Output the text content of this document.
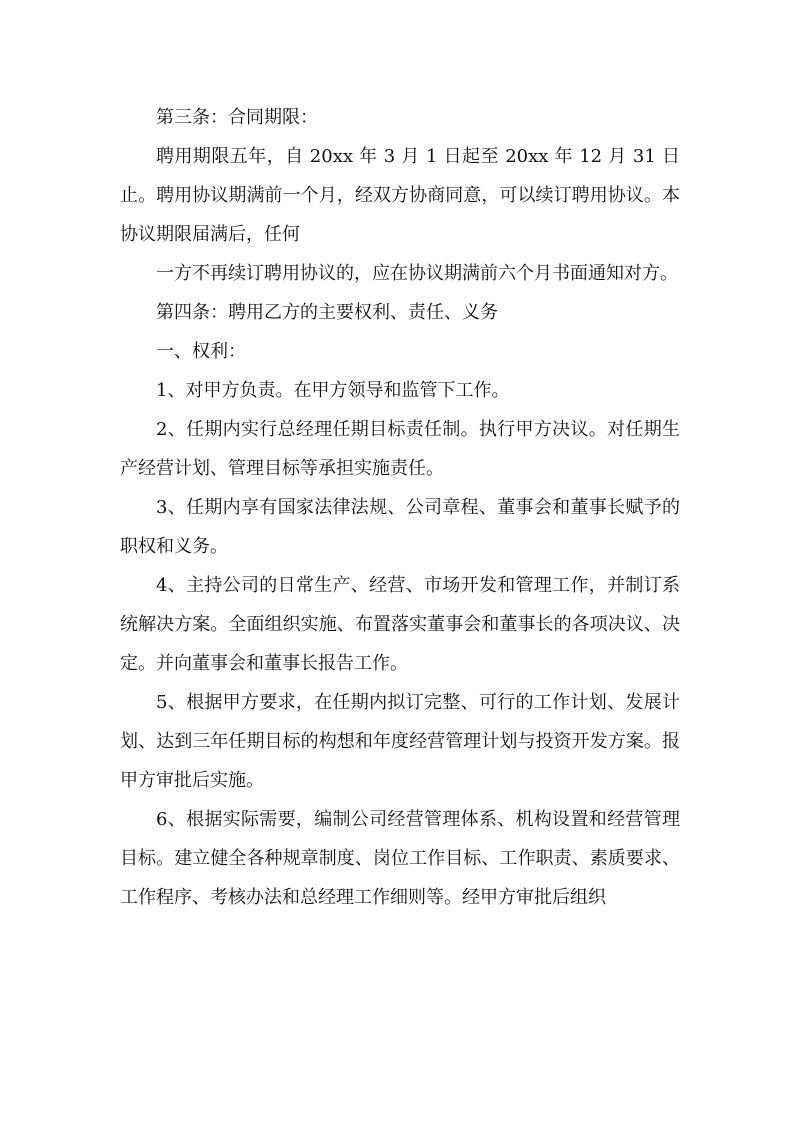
第三条：合同期限：

聘用期限五年，自 20xx 年 3 月 1 日起至 20xx 年 12 月 31 日止。聘用协议期满前一个月，经双方协商同意，可以续订聘用协议。本协议期限届满后，任何

一方不再续订聘用协议的，应在协议期满前六个月书面通知对方。

第四条：聘用乙方的主要权利、责任、义务

一、权利：

1、对甲方负责。在甲方领导和监管下工作。

2、任期内实行总经理任期目标责任制。执行甲方决议。对任期生产经营计划、管理目标等承担实施责任。

3、任期内享有国家法律法规、公司章程、董事会和董事长赋予的职权和义务。

4、主持公司的日常生产、经营、市场开发和管理工作，并制订系统解决方案。全面组织实施、布置落实董事会和董事长的各项决议、决定。并向董事会和董事长报告工作。

5、根据甲方要求，在任期内拟订完整、可行的工作计划、发展计划、达到三年任期目标的构想和年度经营管理计划与投资开发方案。报甲方审批后实施。

6、根据实际需要，编制公司经营管理体系、机构设置和经营管理目标。建立健全各种规章制度、岗位工作目标、工作职责、素质要求、工作程序、考核办法和总经理工作细则等。经甲方审批后组织
